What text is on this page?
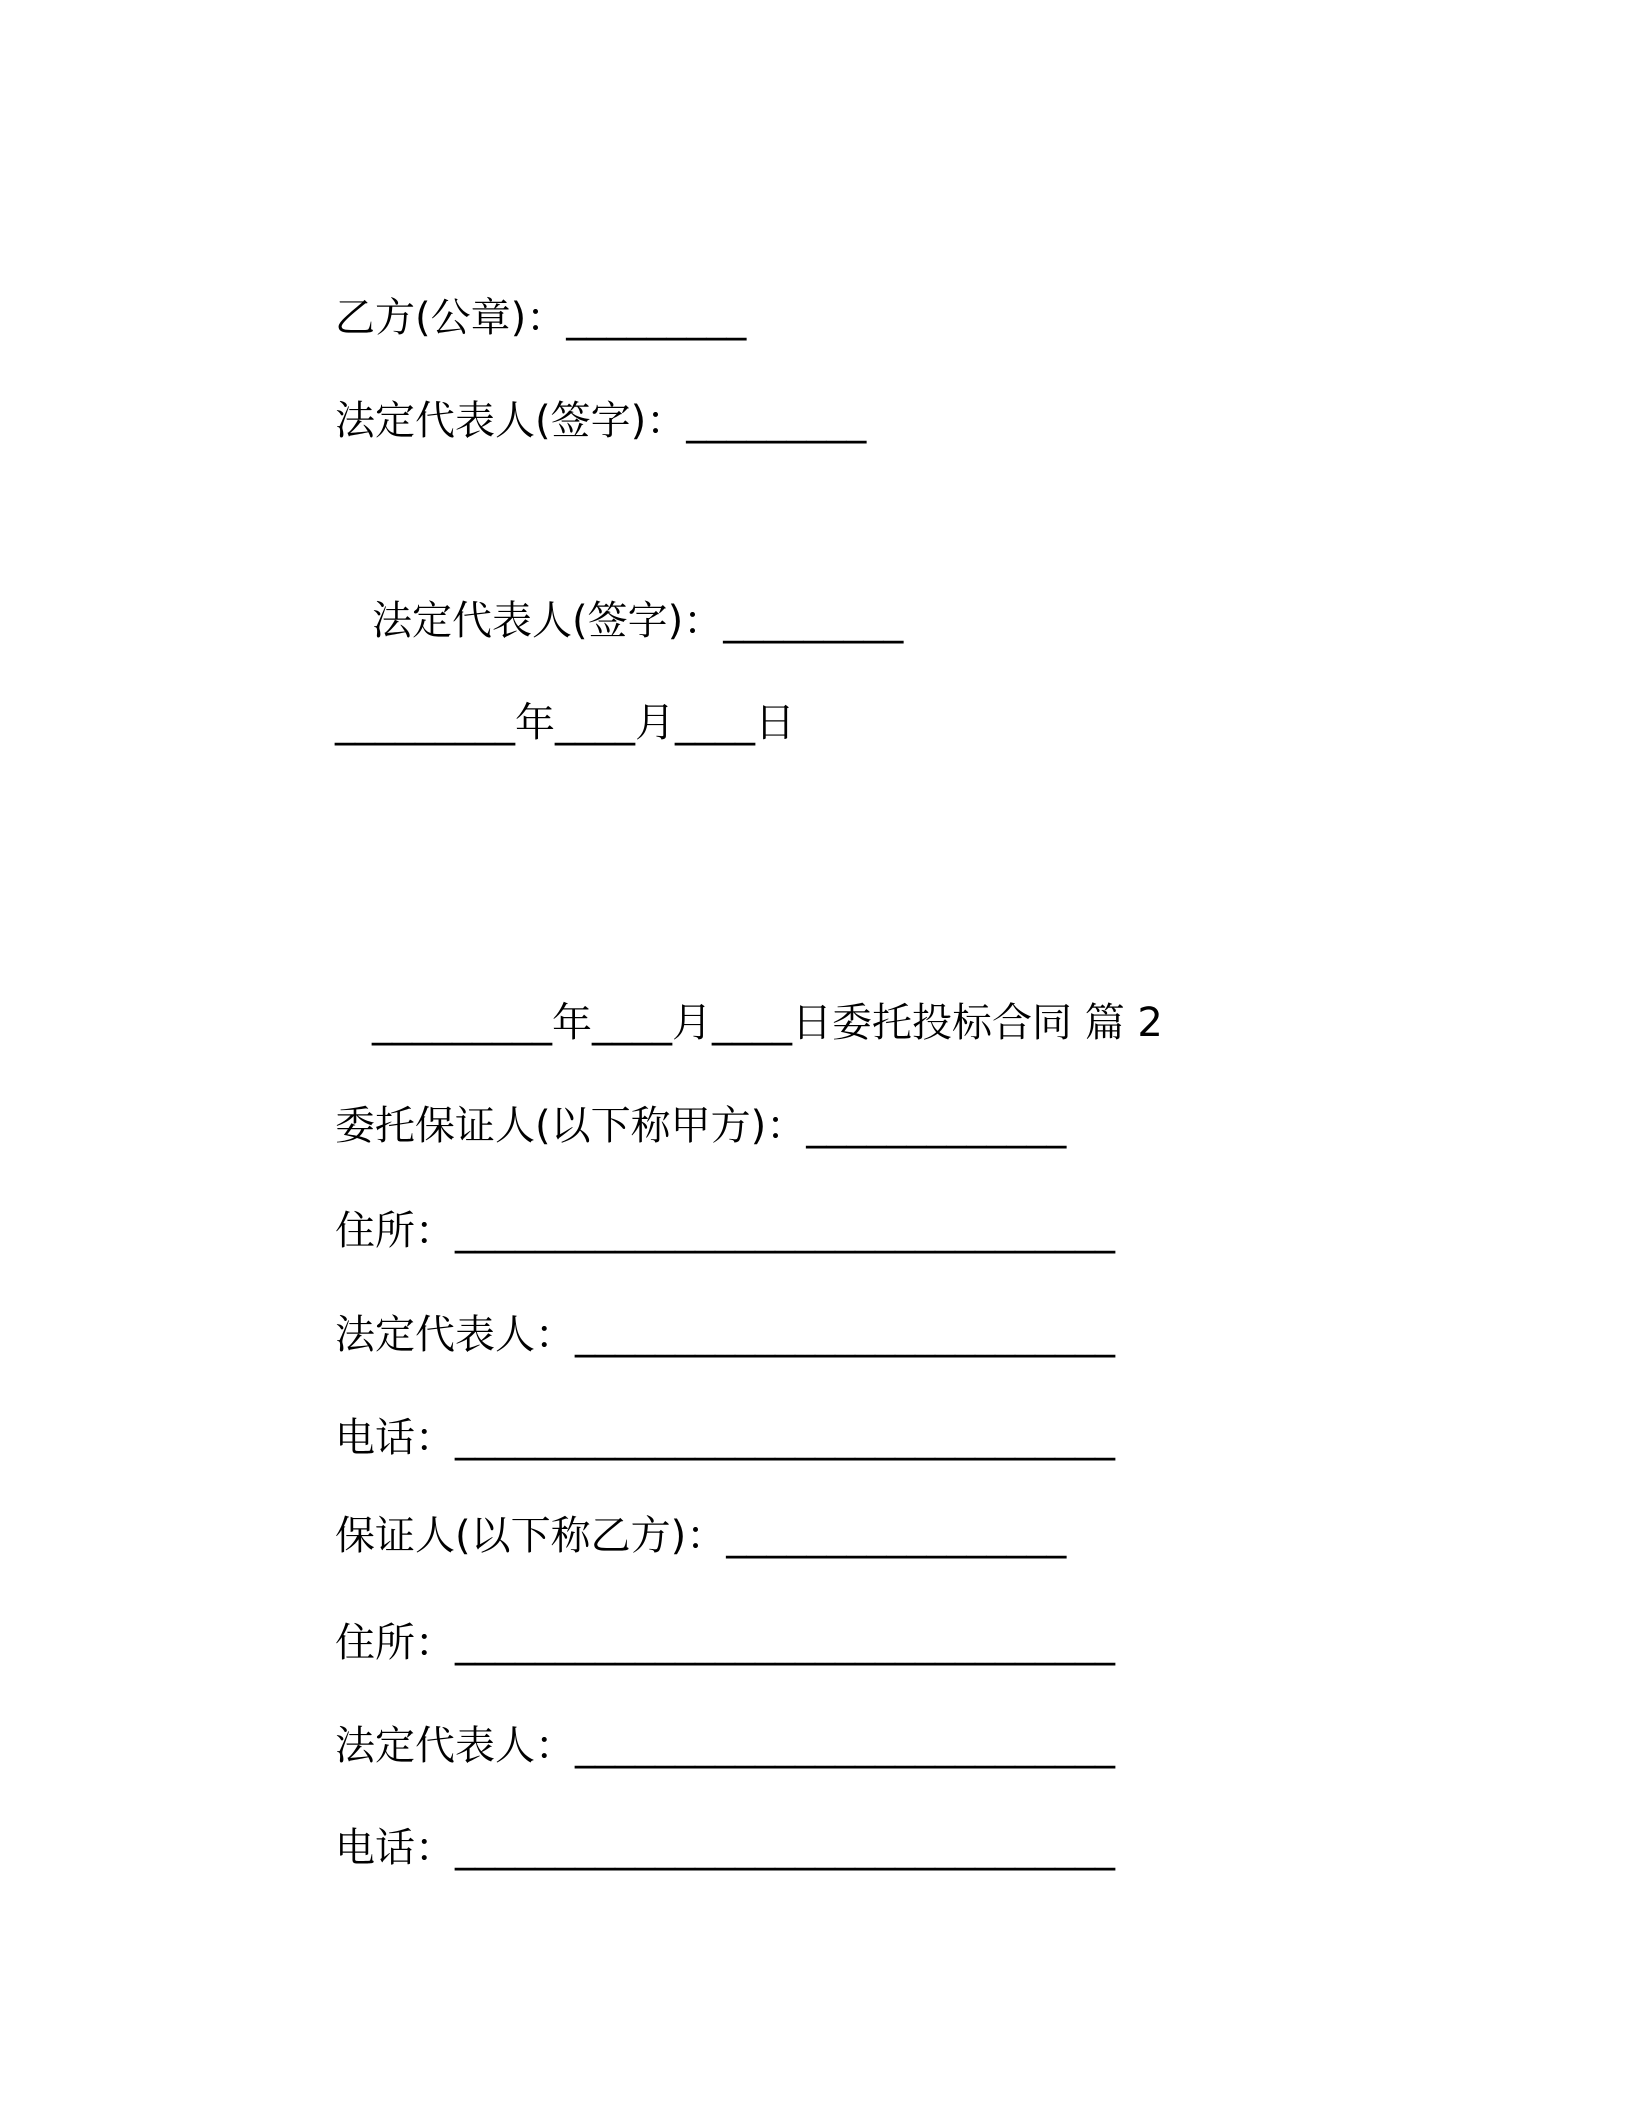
乙方(公章)：_________
法定代表人(签字)：_________
法定代表人(签字)：_________
_________年____月____日
_________年____月____日委托投标合同 篇 2
委托保证人(以下称甲方)：_____________
住所：_________________________________
法定代表人：___________________________
电话：_________________________________
保证人(以下称乙方)：_________________
住所：_________________________________
法定代表人：___________________________
电话：_________________________________
